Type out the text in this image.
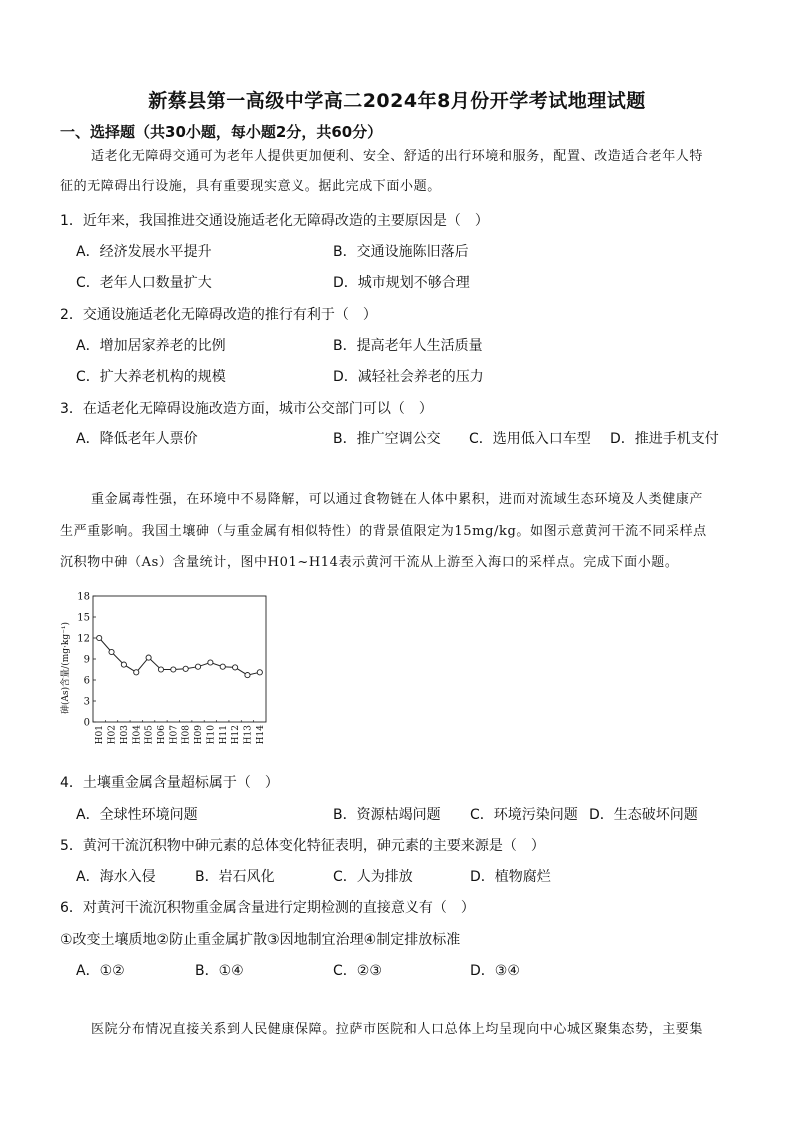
新蔡县第一高级中学高二2024年8月份开学考试地理试题
一、选择题（共30小题，每小题2分，共60分）
适老化无障碍交通可为老年人提供更加便利、安全、舒适的出行环境和服务，配置、改造适合老年人特
征的无障碍出行设施，具有重要现实意义。据此完成下面小题。
1．近年来，我国推进交通设施适老化无障碍改造的主要原因是（　）
A．经济发展水平提升	B．交通设施陈旧落后
C．老年人口数量扩大	D．城市规划不够合理
2．交通设施适老化无障碍改造的推行有利于（　）
A．增加居家养老的比例	B．提高老年人生活质量
C．扩大养老机构的规模	D．减轻社会养老的压力
3．在适老化无障碍设施改造方面，城市公交部门可以（　）
A．降低老年人票价	B．推广空调公交 C．选用低入口车型 D．推进手机支付
重金属毒性强，在环境中不易降解，可以通过食物链在人体中累积，进而对流域生态环境及人类健康产
生严重影响。我国土壤砷（与重金属有相似特性）的背景值限定为15mg/kg。如图示意黄河干流不同采样点
沉积物中砷（As）含量统计，图中H01~H14表示黄河干流从上游至入海口的采样点。完成下面小题。
0
3
6
9
12
15
18
H01 H02 H03 H04 H05 H06 H07 H08 H09 H10 H11 H12 H13 H14
砷(As)含量/(mg·kg⁻¹)
4．土壤重金属含量超标属于（　）
A．全球性环境问题	B．资源枯竭问题 C．环境污染问题 D．生态破坏问题
5．黄河干流沉积物中砷元素的总体变化特征表明，砷元素的主要来源是（　）
A．海水入侵	B．岩石风化	C．人为排放	D．植物腐烂
6．对黄河干流沉积物重金属含量进行定期检测的直接意义有（　）
①改变土壤质地②防止重金属扩散③因地制宜治理④制定排放标准
A．①②	B．①④	C．②③	D．③④
医院分布情况直接关系到人民健康保障。拉萨市医院和人口总体上均呈现向中心城区聚集态势，主要集
